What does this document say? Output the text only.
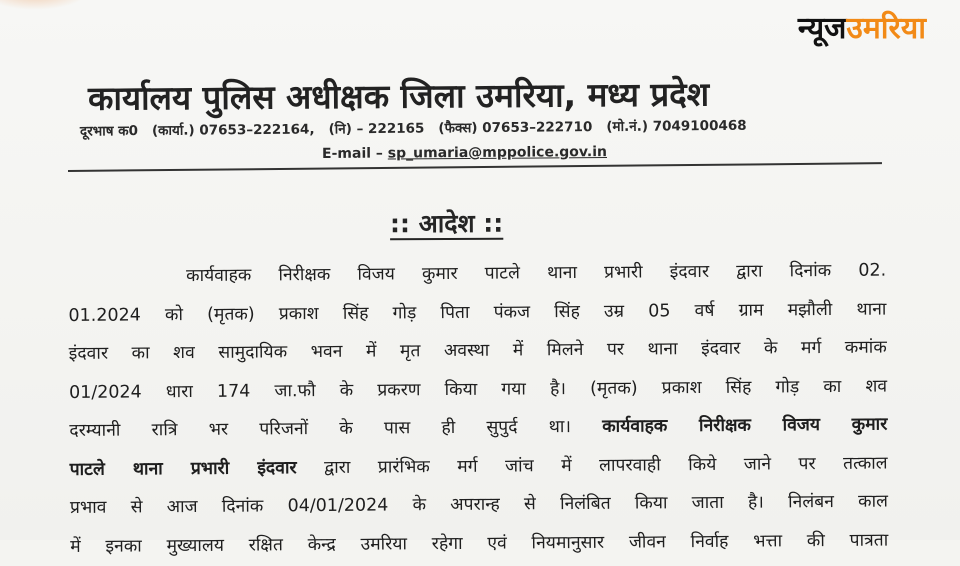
न्यूजउमरिया
कार्यालय पुलिस अधीक्षक जिला उमरिया, मध्य प्रदेश
दूरभाष क0 (कार्या.) 07653–222164, (नि) – 222165 (फैक्स) 07653–222710 (मो.नं.) 7049100468
E-mail – sp_umaria@mppolice.gov.in
:: आदेश ::
कार्यवाहक निरीक्षक विजय कुमार पाटले थाना प्रभारी इंदवार द्वारा दिनांक 02.
01.2024 को (मृतक) प्रकाश सिंह गोड़ पिता पंकज सिंह उम्र 05 वर्ष ग्राम मझौली थाना
इंदवार का शव सामुदायिक भवन में मृत अवस्था में मिलने पर थाना इंदवार के मर्ग कमांक
01/2024 धारा 174 जा.फौ के प्रकरण किया गया है। (मृतक) प्रकाश सिंह गोड़ का शव
दरम्यानी रात्रि भर परिजनों के पास ही सुपुर्द था। कार्यवाहक निरीक्षक विजय कुमार
पाटले थाना प्रभारी इंदवार द्वारा प्रारंभिक मर्ग जांच में लापरवाही किये जाने पर तत्काल
प्रभाव से आज दिनांक 04/01/2024 के अपरान्ह से निलंबित किया जाता है। निलंबन काल
में इनका मुख्यालय रक्षित केन्द्र उमरिया रहेगा एवं नियमानुसार जीवन निर्वाह भत्ता की पात्रता
